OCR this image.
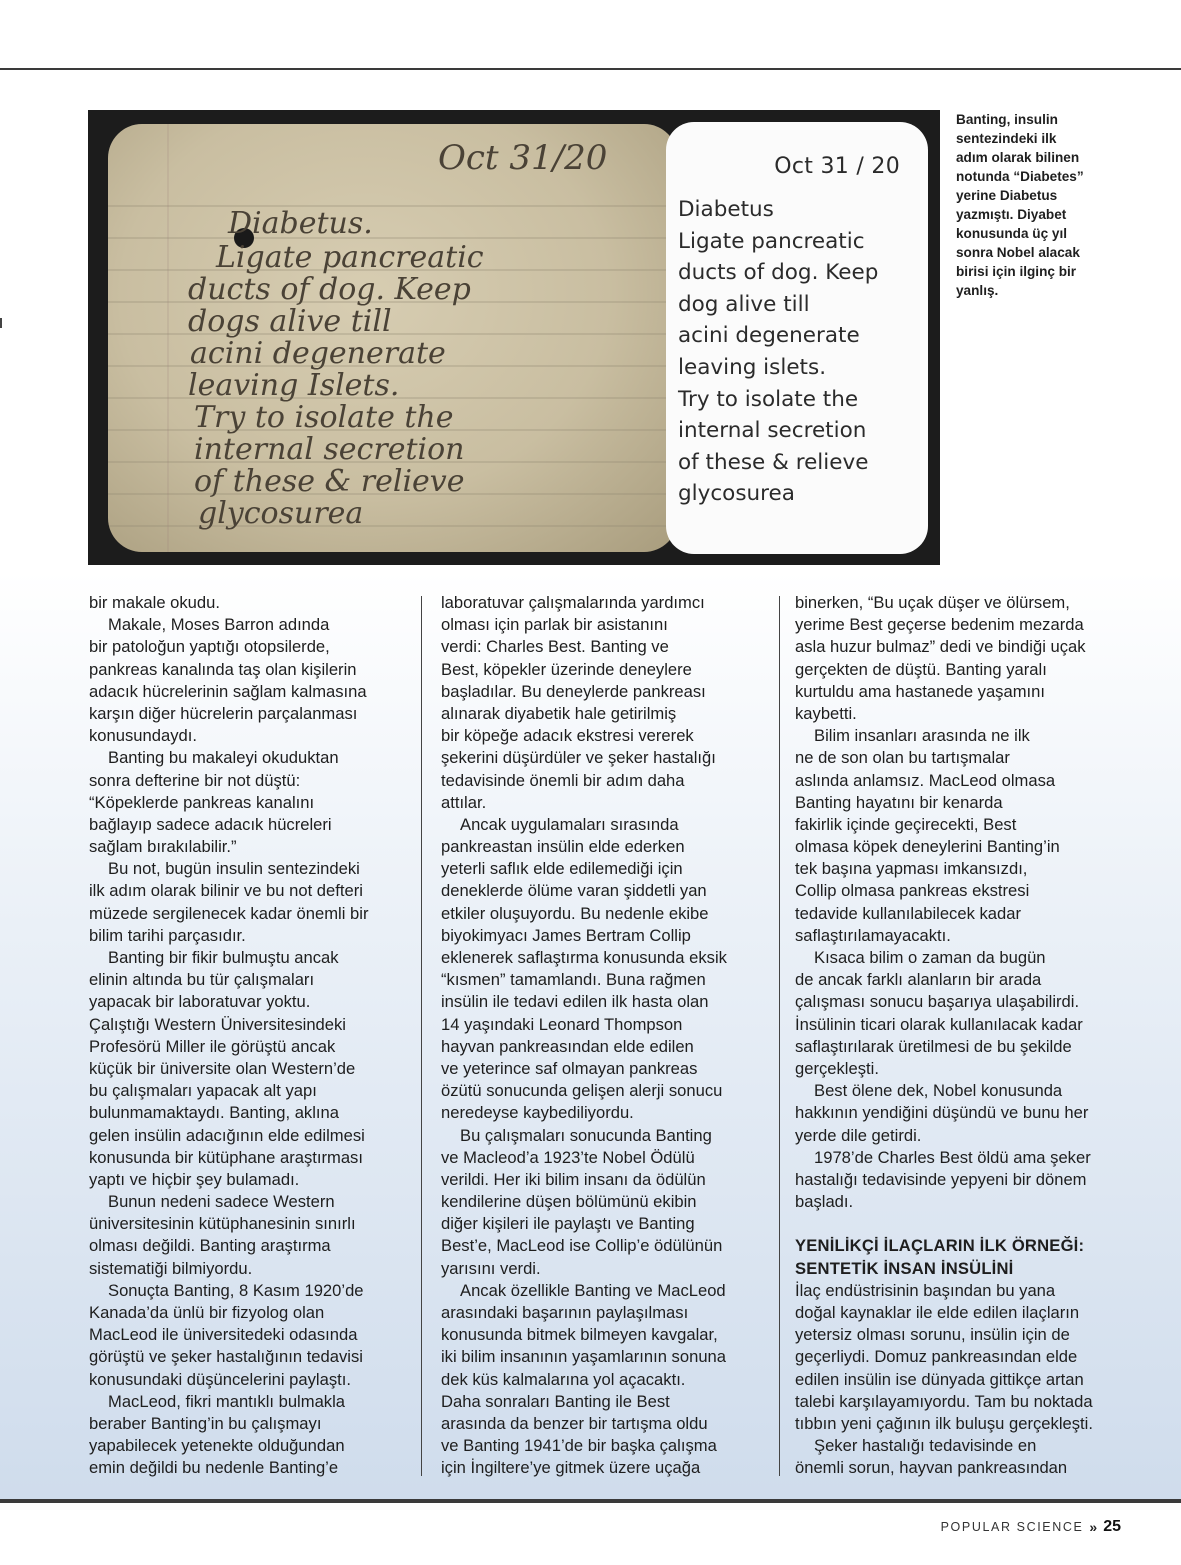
Oct 31/20
Diabetus.
Ligate pancreatic
ducts of dog. Keep
dogs alive till
acini degenerate
leaving Islets.
Try to isolate the
internal secretion
of these & relieve
glycosurea
Oct 31 / 20
Diabetus
Ligate pancreatic
ducts of dog. Keep
dog alive till
acini degenerate
leaving islets.
Try to isolate the
internal secretion
of these & relieve
glycosurea
Banting, insulin
sentezindeki ilk
adım olarak bilinen
notunda “Diabetes”
yerine Diabetus
yazmıştı. Diyabet
konusunda üç yıl
sonra Nobel alacak
birisi için ilginç bir
yanlış.
bir makale okudu.
Makale, Moses Barron adında
bir patoloğun yaptığı otopsilerde,
pankreas kanalında taş olan kişilerin
adacık hücrelerinin sağlam kalmasına
karşın diğer hücrelerin parçalanması
konusundaydı.
Banting bu makaleyi okuduktan
sonra defterine bir not düştü:
“Köpeklerde pankreas kanalını
bağlayıp sadece adacık hücreleri
sağlam bırakılabilir.”
Bu not, bugün insulin sentezindeki
ilk adım olarak bilinir ve bu not defteri
müzede sergilenecek kadar önemli bir
bilim tarihi parçasıdır.
Banting bir fikir bulmuştu ancak
elinin altında bu tür çalışmaları
yapacak bir laboratuvar yoktu.
Çalıştığı Western Üniversitesindeki
Profesörü Miller ile görüştü ancak
küçük bir üniversite olan Western’de
bu çalışmaları yapacak alt yapı
bulunmamaktaydı. Banting, aklına
gelen insülin adacığının elde edilmesi
konusunda bir kütüphane araştırması
yaptı ve hiçbir şey bulamadı.
Bunun nedeni sadece Western
üniversitesinin kütüphanesinin sınırlı
olması değildi. Banting araştırma
sistematiği bilmiyordu.
Sonuçta Banting, 8 Kasım 1920’de
Kanada’da ünlü bir fizyolog olan
MacLeod ile üniversitedeki odasında
görüştü ve şeker hastalığının tedavisi
konusundaki düşüncelerini paylaştı.
MacLeod, fikri mantıklı bulmakla
beraber Banting’in bu çalışmayı
yapabilecek yetenekte olduğundan
emin değildi bu nedenle Banting’e
laboratuvar çalışmalarında yardımcı
olması için parlak bir asistanını
verdi: Charles Best. Banting ve
Best, köpekler üzerinde deneylere
başladılar. Bu deneylerde pankreası
alınarak diyabetik hale getirilmiş
bir köpeğe adacık ekstresi vererek
şekerini düşürdüler ve şeker hastalığı
tedavisinde önemli bir adım daha
attılar.
Ancak uygulamaları sırasında
pankreastan insülin elde ederken
yeterli saflık elde edilemediği için
deneklerde ölüme varan şiddetli yan
etkiler oluşuyordu. Bu nedenle ekibe
biyokimyacı James Bertram Collip
eklenerek saflaştırma konusunda eksik
“kısmen” tamamlandı. Buna rağmen
insülin ile tedavi edilen ilk hasta olan
14 yaşındaki Leonard Thompson
hayvan pankreasından elde edilen
ve yeterince saf olmayan pankreas
özütü sonucunda gelişen alerji sonucu
neredeyse kaybediliyordu.
Bu çalışmaları sonucunda Banting
ve Macleod’a 1923’te Nobel Ödülü
verildi. Her iki bilim insanı da ödülün
kendilerine düşen bölümünü ekibin
diğer kişileri ile paylaştı ve Banting
Best’e, MacLeod ise Collip’e ödülünün
yarısını verdi.
Ancak özellikle Banting ve MacLeod
arasındaki başarının paylaşılması
konusunda bitmek bilmeyen kavgalar,
iki bilim insanının yaşamlarının sonuna
dek küs kalmalarına yol açacaktı.
Daha sonraları Banting ile Best
arasında da benzer bir tartışma oldu
ve Banting 1941’de bir başka çalışma
için İngiltere’ye gitmek üzere uçağa
binerken, “Bu uçak düşer ve ölürsem,
yerime Best geçerse bedenim mezarda
asla huzur bulmaz” dedi ve bindiği uçak
gerçekten de düştü. Banting yaralı
kurtuldu ama hastanede yaşamını
kaybetti.
Bilim insanları arasında ne ilk
ne de son olan bu tartışmalar
aslında anlamsız. MacLeod olmasa
Banting hayatını bir kenarda
fakirlik içinde geçirecekti, Best
olmasa köpek deneylerini Banting’in
tek başına yapması imkansızdı,
Collip olmasa pankreas ekstresi
tedavide kullanılabilecek kadar
saflaştırılamayacaktı.
Kısaca bilim o zaman da bugün
de ancak farklı alanların bir arada
çalışması sonucu başarıya ulaşabilirdi.
İnsülinin ticari olarak kullanılacak kadar
saflaştırılarak üretilmesi de bu şekilde
gerçekleşti.
Best ölene dek, Nobel konusunda
hakkının yendiğini düşündü ve bunu her
yerde dile getirdi.
1978’de Charles Best öldü ama şeker
hastalığı tedavisinde yepyeni bir dönem
başladı.
YENİLİKÇİ İLAÇLARIN İLK ÖRNEĞİ:
SENTETİK İNSAN İNSÜLİNİ
İlaç endüstrisinin başından bu yana
doğal kaynaklar ile elde edilen ilaçların
yetersiz olması sorunu, insülin için de
geçerliydi. Domuz pankreasından elde
edilen insülin ise dünyada gittikçe artan
talebi karşılayamıyordu. Tam bu noktada
tıbbın yeni çağının ilk buluşu gerçekleşti.
Şeker hastalığı tedavisinde en
önemli sorun, hayvan pankreasından
POPULAR SCIENCE » 25
